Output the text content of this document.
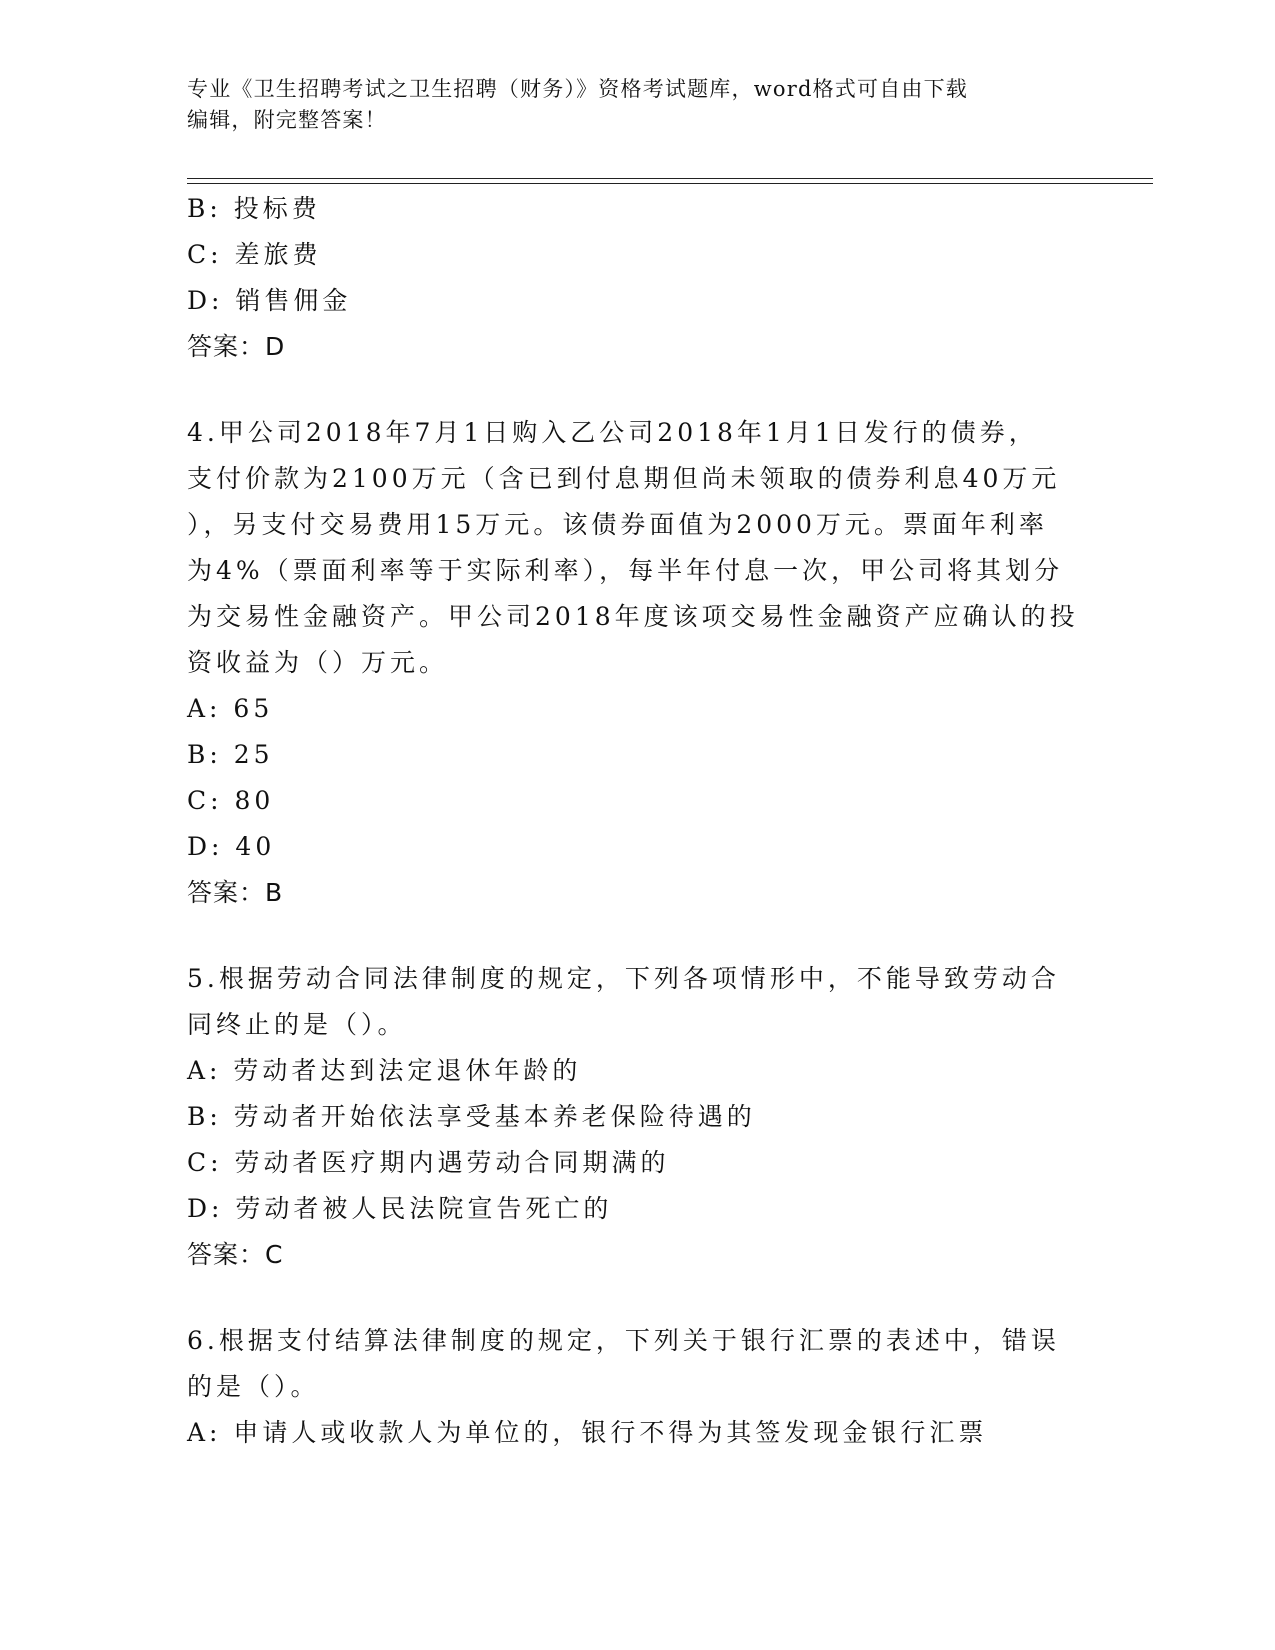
专业《卫生招聘考试之卫生招聘（财务）》资格考试题库，word格式可自由下载
编辑，附完整答案！
B: 投标费
C: 差旅费
D: 销售佣金
答案：D
4.甲公司2018年7月1日购入乙公司2018年1月1日发行的债券，
支付价款为2100万元（含已到付息期但尚未领取的债券利息40万元
），另支付交易费用15万元。该债券面值为2000万元。票面年利率
为4%（票面利率等于实际利率），每半年付息一次，甲公司将其划分
为交易性金融资产。甲公司2018年度该项交易性金融资产应确认的投
资收益为（）万元。
A: 65
B: 25
C: 80
D: 40
答案：B
5.根据劳动合同法律制度的规定，下列各项情形中，不能导致劳动合
同终止的是（）。
A: 劳动者达到法定退休年龄的
B: 劳动者开始依法享受基本养老保险待遇的
C: 劳动者医疗期内遇劳动合同期满的
D: 劳动者被人民法院宣告死亡的
答案：C
6.根据支付结算法律制度的规定，下列关于银行汇票的表述中，错误
的是（）。
A: 申请人或收款人为单位的，银行不得为其签发现金银行汇票
